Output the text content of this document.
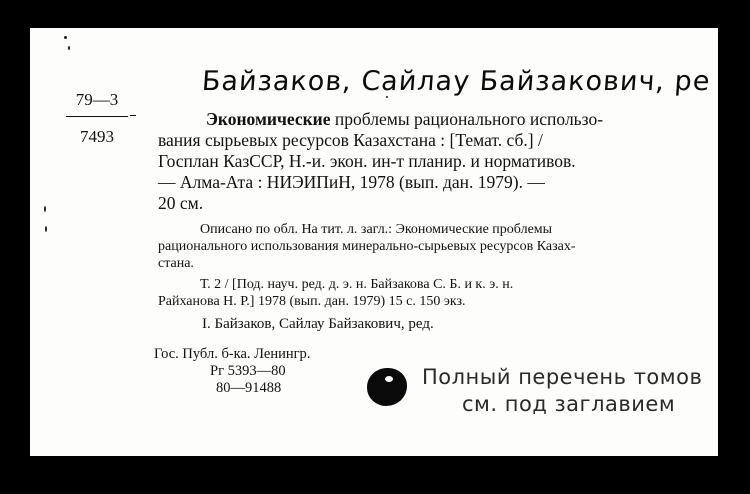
79—3
7493
Байзаков, Сайлау Байзакович, ре
Экономические проблемы рационального использо-
вания сырьевых ресурсов Казахстана : [Темат. сб.] /
Госплан КазССР, Н.-и. экон. ин-т планир. и нормативов.
— Алма-Ата : НИЭИПиН, 1978 (вып. дан. 1979). —
20 см.

Описано по обл. На тит. л. загл.: Экономические проблемы

рационального использования минерально-сырьевых ресурсов Казах-

стана.

Т. 2 / [Под. науч. ред. д. э. н. Байзакова С. Б. и к. э. н.

Райханова Н. Р.] 1978 (вып. дан. 1979) 15 с. 150 экз.

I. Байзаков, Сайлау Байзакович, ред.
Гос. Публ. б-ка. Ленингр.
Рг 5393—80
80—91488	Полный перечень томов
см. под заглавием
